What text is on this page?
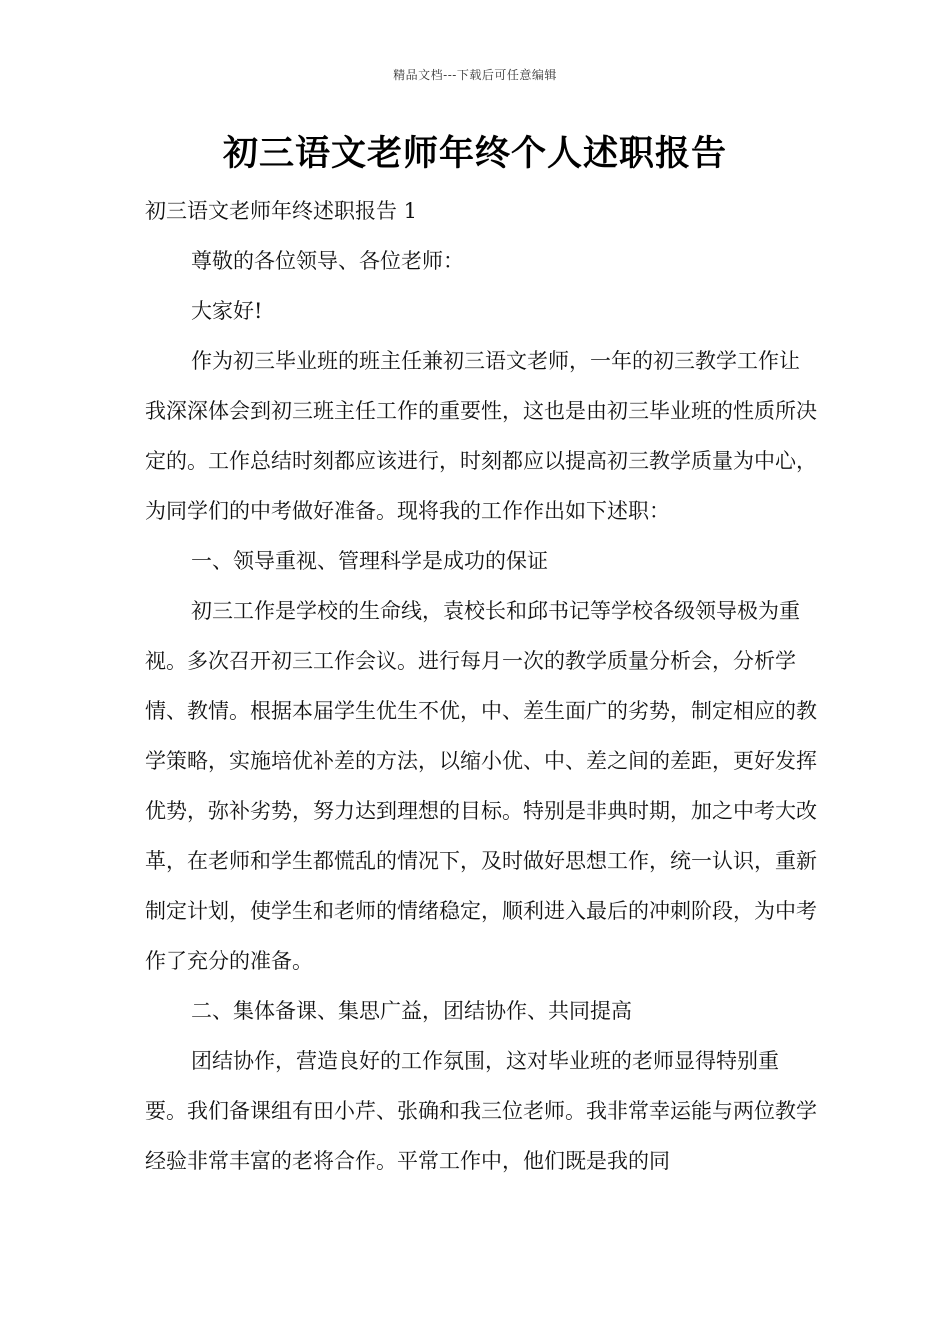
精品文档---下载后可任意编辑
初三语文老师年终个人述职报告

初三语文老师年终述职报告 1

尊敬的各位领导、各位老师：

大家好!

作为初三毕业班的班主任兼初三语文老师，一年的初三教学工作让我深深体会到初三班主任工作的重要性，这也是由初三毕业班的性质所决定的。工作总结时刻都应该进行，时刻都应以提高初三教学质量为中心，为同学们的中考做好准备。现将我的工作作出如下述职：

一、领导重视、管理科学是成功的保证

初三工作是学校的生命线，袁校长和邱书记等学校各级领导极为重视。多次召开初三工作会议。进行每月一次的教学质量分析会，分析学情、教情。根据本届学生优生不优，中、差生面广的劣势，制定相应的教学策略，实施培优补差的方法，以缩小优、中、差之间的差距，更好发挥优势，弥补劣势，努力达到理想的目标。特别是非典时期，加之中考大改革，在老师和学生都慌乱的情况下，及时做好思想工作，统一认识，重新制定计划，使学生和老师的情绪稳定，顺利进入最后的冲刺阶段，为中考作了充分的准备。

二、集体备课、集思广益，团结协作、共同提高

团结协作，营造良好的工作氛围，这对毕业班的老师显得特别重要。我们备课组有田小芹、张确和我三位老师。我非常幸运能与两位教学经验非常丰富的老将合作。平常工作中，他们既是我的同
